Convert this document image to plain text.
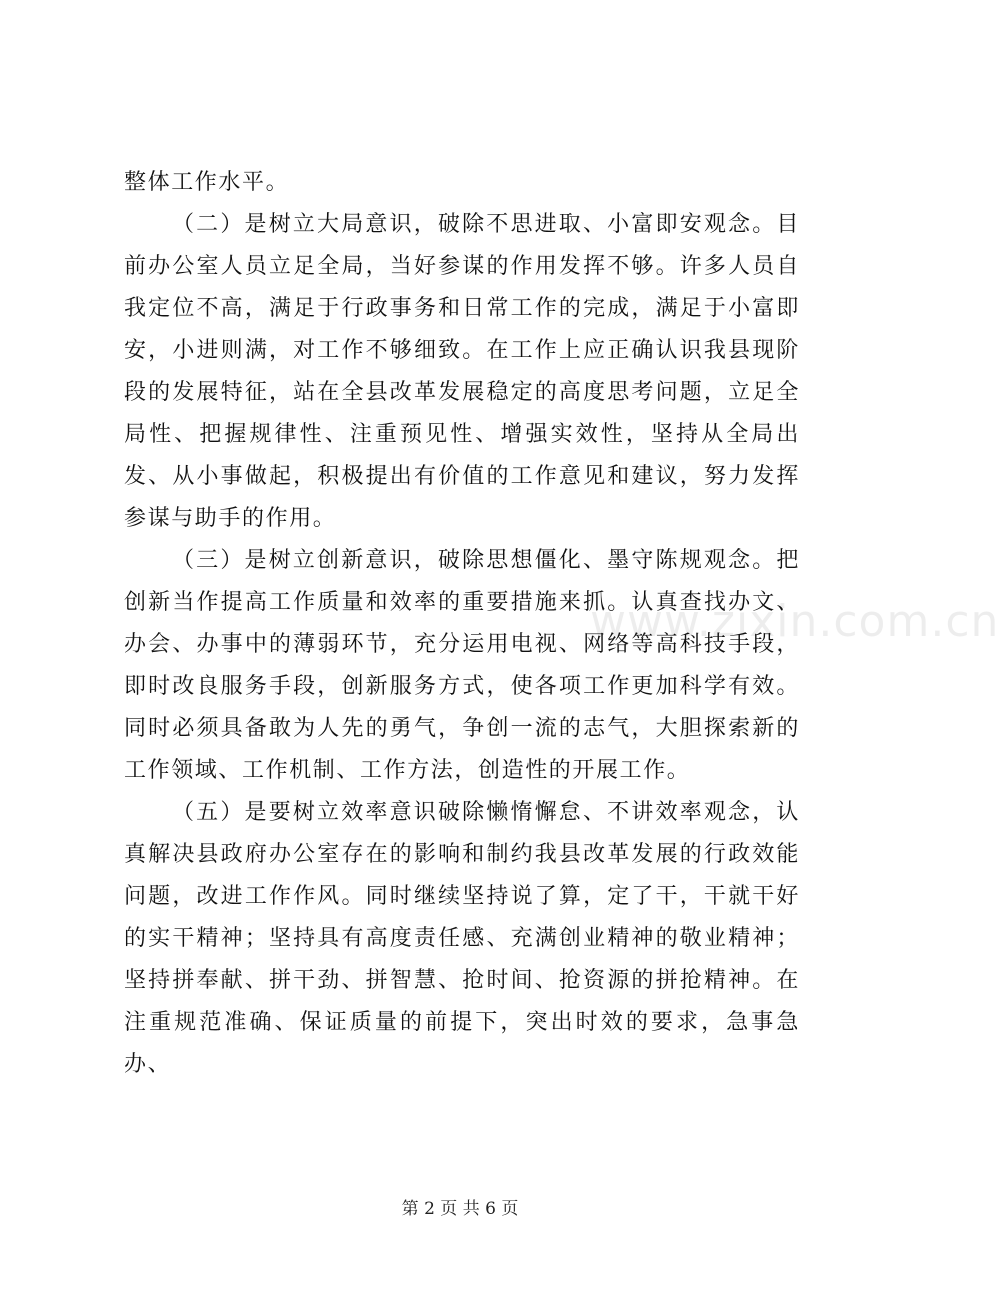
整体工作水平。

（二）是树立大局意识，破除不思进取、小富即安观念。目前办公室人员立足全局，当好参谋的作用发挥不够。许多人员自我定位不高，满足于行政事务和日常工作的完成，满足于小富即安，小进则满，对工作不够细致。在工作上应正确认识我县现阶段的发展特征，站在全县改革发展稳定的高度思考问题，立足全局性、把握规律性、注重预见性、增强实效性，坚持从全局出发、从小事做起，积极提出有价值的工作意见和建议，努力发挥参谋与助手的作用。

（三）是树立创新意识，破除思想僵化、墨守陈规观念。把创新当作提高工作质量和效率的重要措施来抓。认真查找办文、办会、办事中的薄弱环节，充分运用电视、网络等高科技手段，即时改良服务手段，创新服务方式，使各项工作更加科学有效。同时必须具备敢为人先的勇气，争创一流的志气，大胆探索新的工作领域、工作机制、工作方法，创造性的开展工作。

（五）是要树立效率意识破除懒惰懈怠、不讲效率观念，认真解决县政府办公室存在的影响和制约我县改革发展的行政效能问题，改进工作作风。同时继续坚持说了算，定了干，干就干好的实干精神；坚持具有高度责任感、充满创业精神的敬业精神；坚持拼奉献、拼干劲、拼智慧、抢时间、抢资源的拼抢精神。在注重规范准确、保证质量的前提下，突出时效的要求，急事急办、

www.zixin.com.cn
第 2 页 共 6 页
